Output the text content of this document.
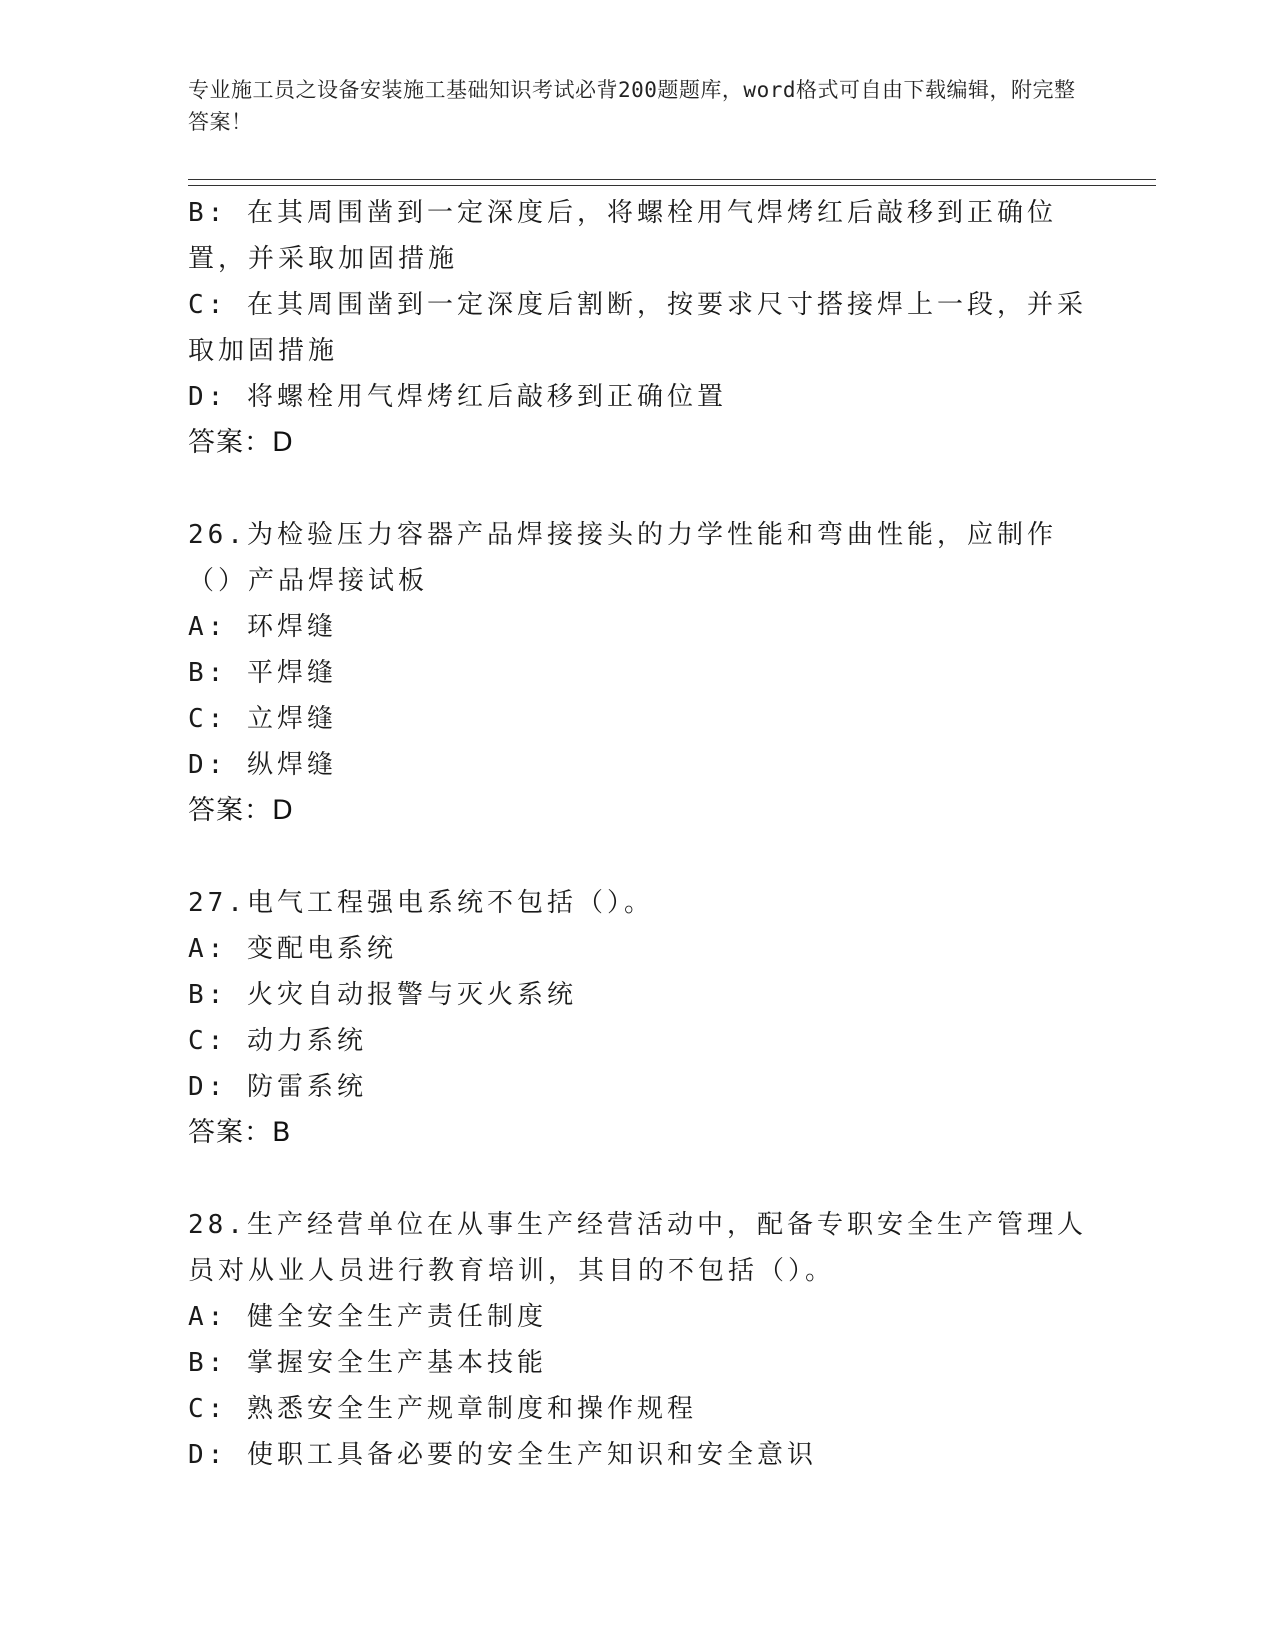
专业施工员之设备安装施工基础知识考试必背200题题库，word格式可自由下载编辑，附完整答案！

B: 在其周围凿到一定深度后，将螺栓用气焊烤红后敲移到正确位置，并采取加固措施

C: 在其周围凿到一定深度后割断，按要求尺寸搭接焊上一段，并采取加固措施

D: 将螺栓用气焊烤红后敲移到正确位置

答案：D

26.为检验压力容器产品焊接接头的力学性能和弯曲性能，应制作（）产品焊接试板

A: 环焊缝

B: 平焊缝

C: 立焊缝

D: 纵焊缝

答案：D

27.电气工程强电系统不包括（）。

A: 变配电系统

B: 火灾自动报警与灭火系统

C: 动力系统

D: 防雷系统

答案：B

28.生产经营单位在从事生产经营活动中，配备专职安全生产管理人员对从业人员进行教育培训，其目的不包括（）。

A: 健全安全生产责任制度

B: 掌握安全生产基本技能

C: 熟悉安全生产规章制度和操作规程

D: 使职工具备必要的安全生产知识和安全意识
